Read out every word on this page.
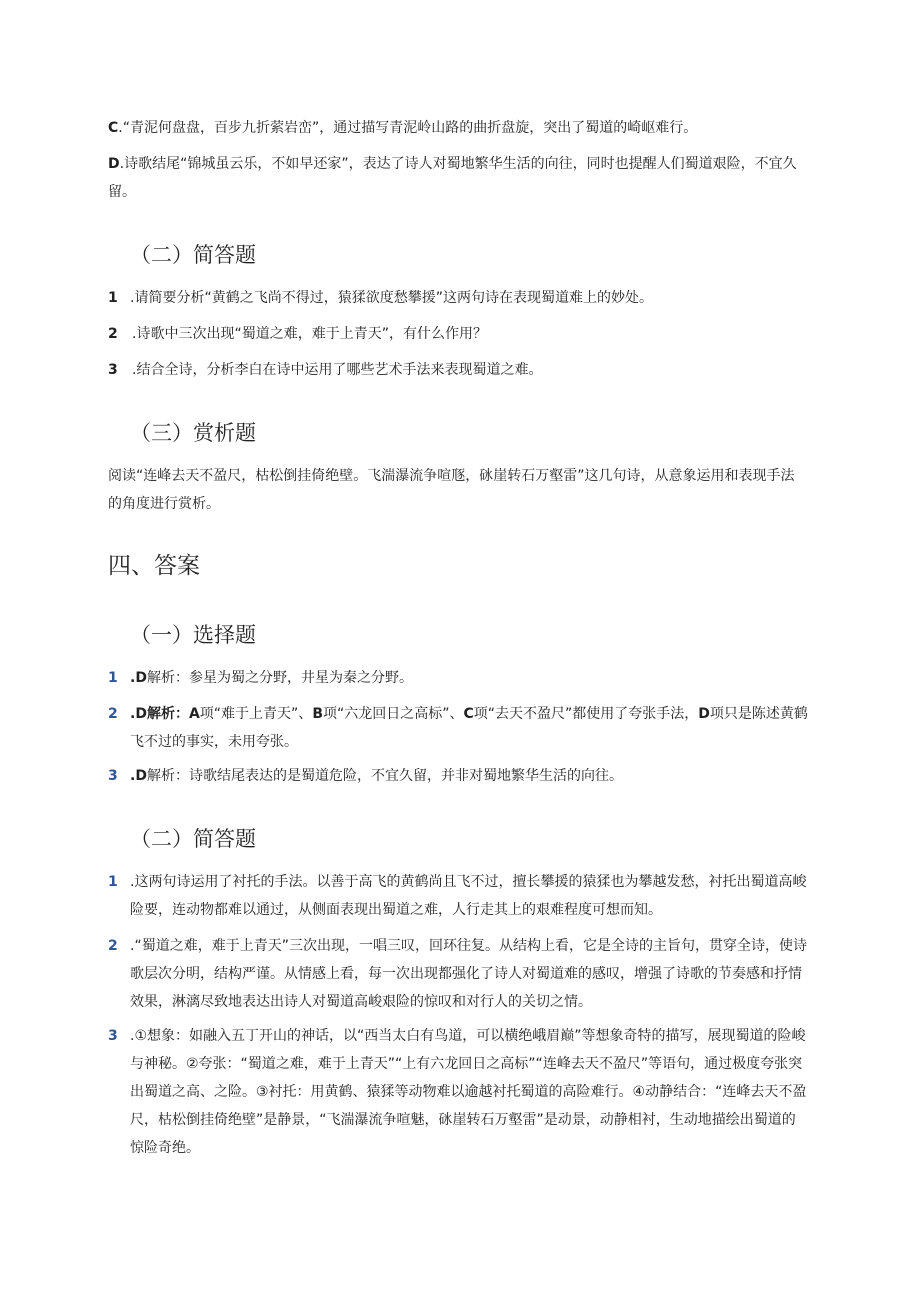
C.“青泥何盘盘，百步九折萦岩峦”，通过描写青泥岭山路的曲折盘旋，突出了蜀道的崎岖难行。

D.诗歌结尾“锦城虽云乐，不如早还家”，表达了诗人对蜀地繁华生活的向往，同时也提醒人们蜀道艰险，不宜久留。

（二）简答题
1 .请简要分析“黄鹤之飞尚不得过，猿猱欲度愁攀援”这两句诗在表现蜀道难上的妙处。
2 .诗歌中三次出现“蜀道之难，难于上青天”，有什么作用？
3 .结合全诗，分析李白在诗中运用了哪些艺术手法来表现蜀道之难。
（三）赏析题

阅读“连峰去天不盈尺，枯松倒挂倚绝壁。飞湍瀑流争喧豗，砯崖转石万壑雷”这几句诗，从意象运用和表现手法的角度进行赏析。

四、答案
（一）选择题
1 .D解析：参星为蜀之分野，井星为秦之分野。
2 .D解析：A项“难于上青天”、B项“六龙回日之高标”、C项“去天不盈尺”都使用了夸张手法，D项只是陈述黄鹤飞不过的事实，未用夸张。
3 .D解析：诗歌结尾表达的是蜀道危险，不宜久留，并非对蜀地繁华生活的向往。
（二）简答题
1 .这两句诗运用了衬托的手法。以善于高飞的黄鹤尚且飞不过，擅长攀援的猿猱也为攀越发愁，衬托出蜀道高峻险要，连动物都难以通过，从侧面表现出蜀道之难，人行走其上的艰难程度可想而知。
2 .“蜀道之难，难于上青天”三次出现，一唱三叹，回环往复。从结构上看，它是全诗的主旨句，贯穿全诗，使诗歌层次分明，结构严谨。从情感上看，每一次出现都强化了诗人对蜀道难的感叹，增强了诗歌的节奏感和抒情效果，淋漓尽致地表达出诗人对蜀道高峻艰险的惊叹和对行人的关切之情。
3 .①想象：如融入五丁开山的神话，以“西当太白有鸟道，可以横绝峨眉巅”等想象奇特的描写，展现蜀道的险峻与神秘。②夸张：“蜀道之难，难于上青天”“上有六龙回日之高标”“连峰去天不盈尺”等语句，通过极度夸张突出蜀道之高、之险。③衬托：用黄鹤、猿猱等动物难以逾越衬托蜀道的高险难行。④动静结合：“连峰去天不盈尺，枯松倒挂倚绝壁”是静景，“飞湍瀑流争喧魅，砯崖转石万壑雷”是动景，动静相衬，生动地描绘出蜀道的惊险奇绝。
